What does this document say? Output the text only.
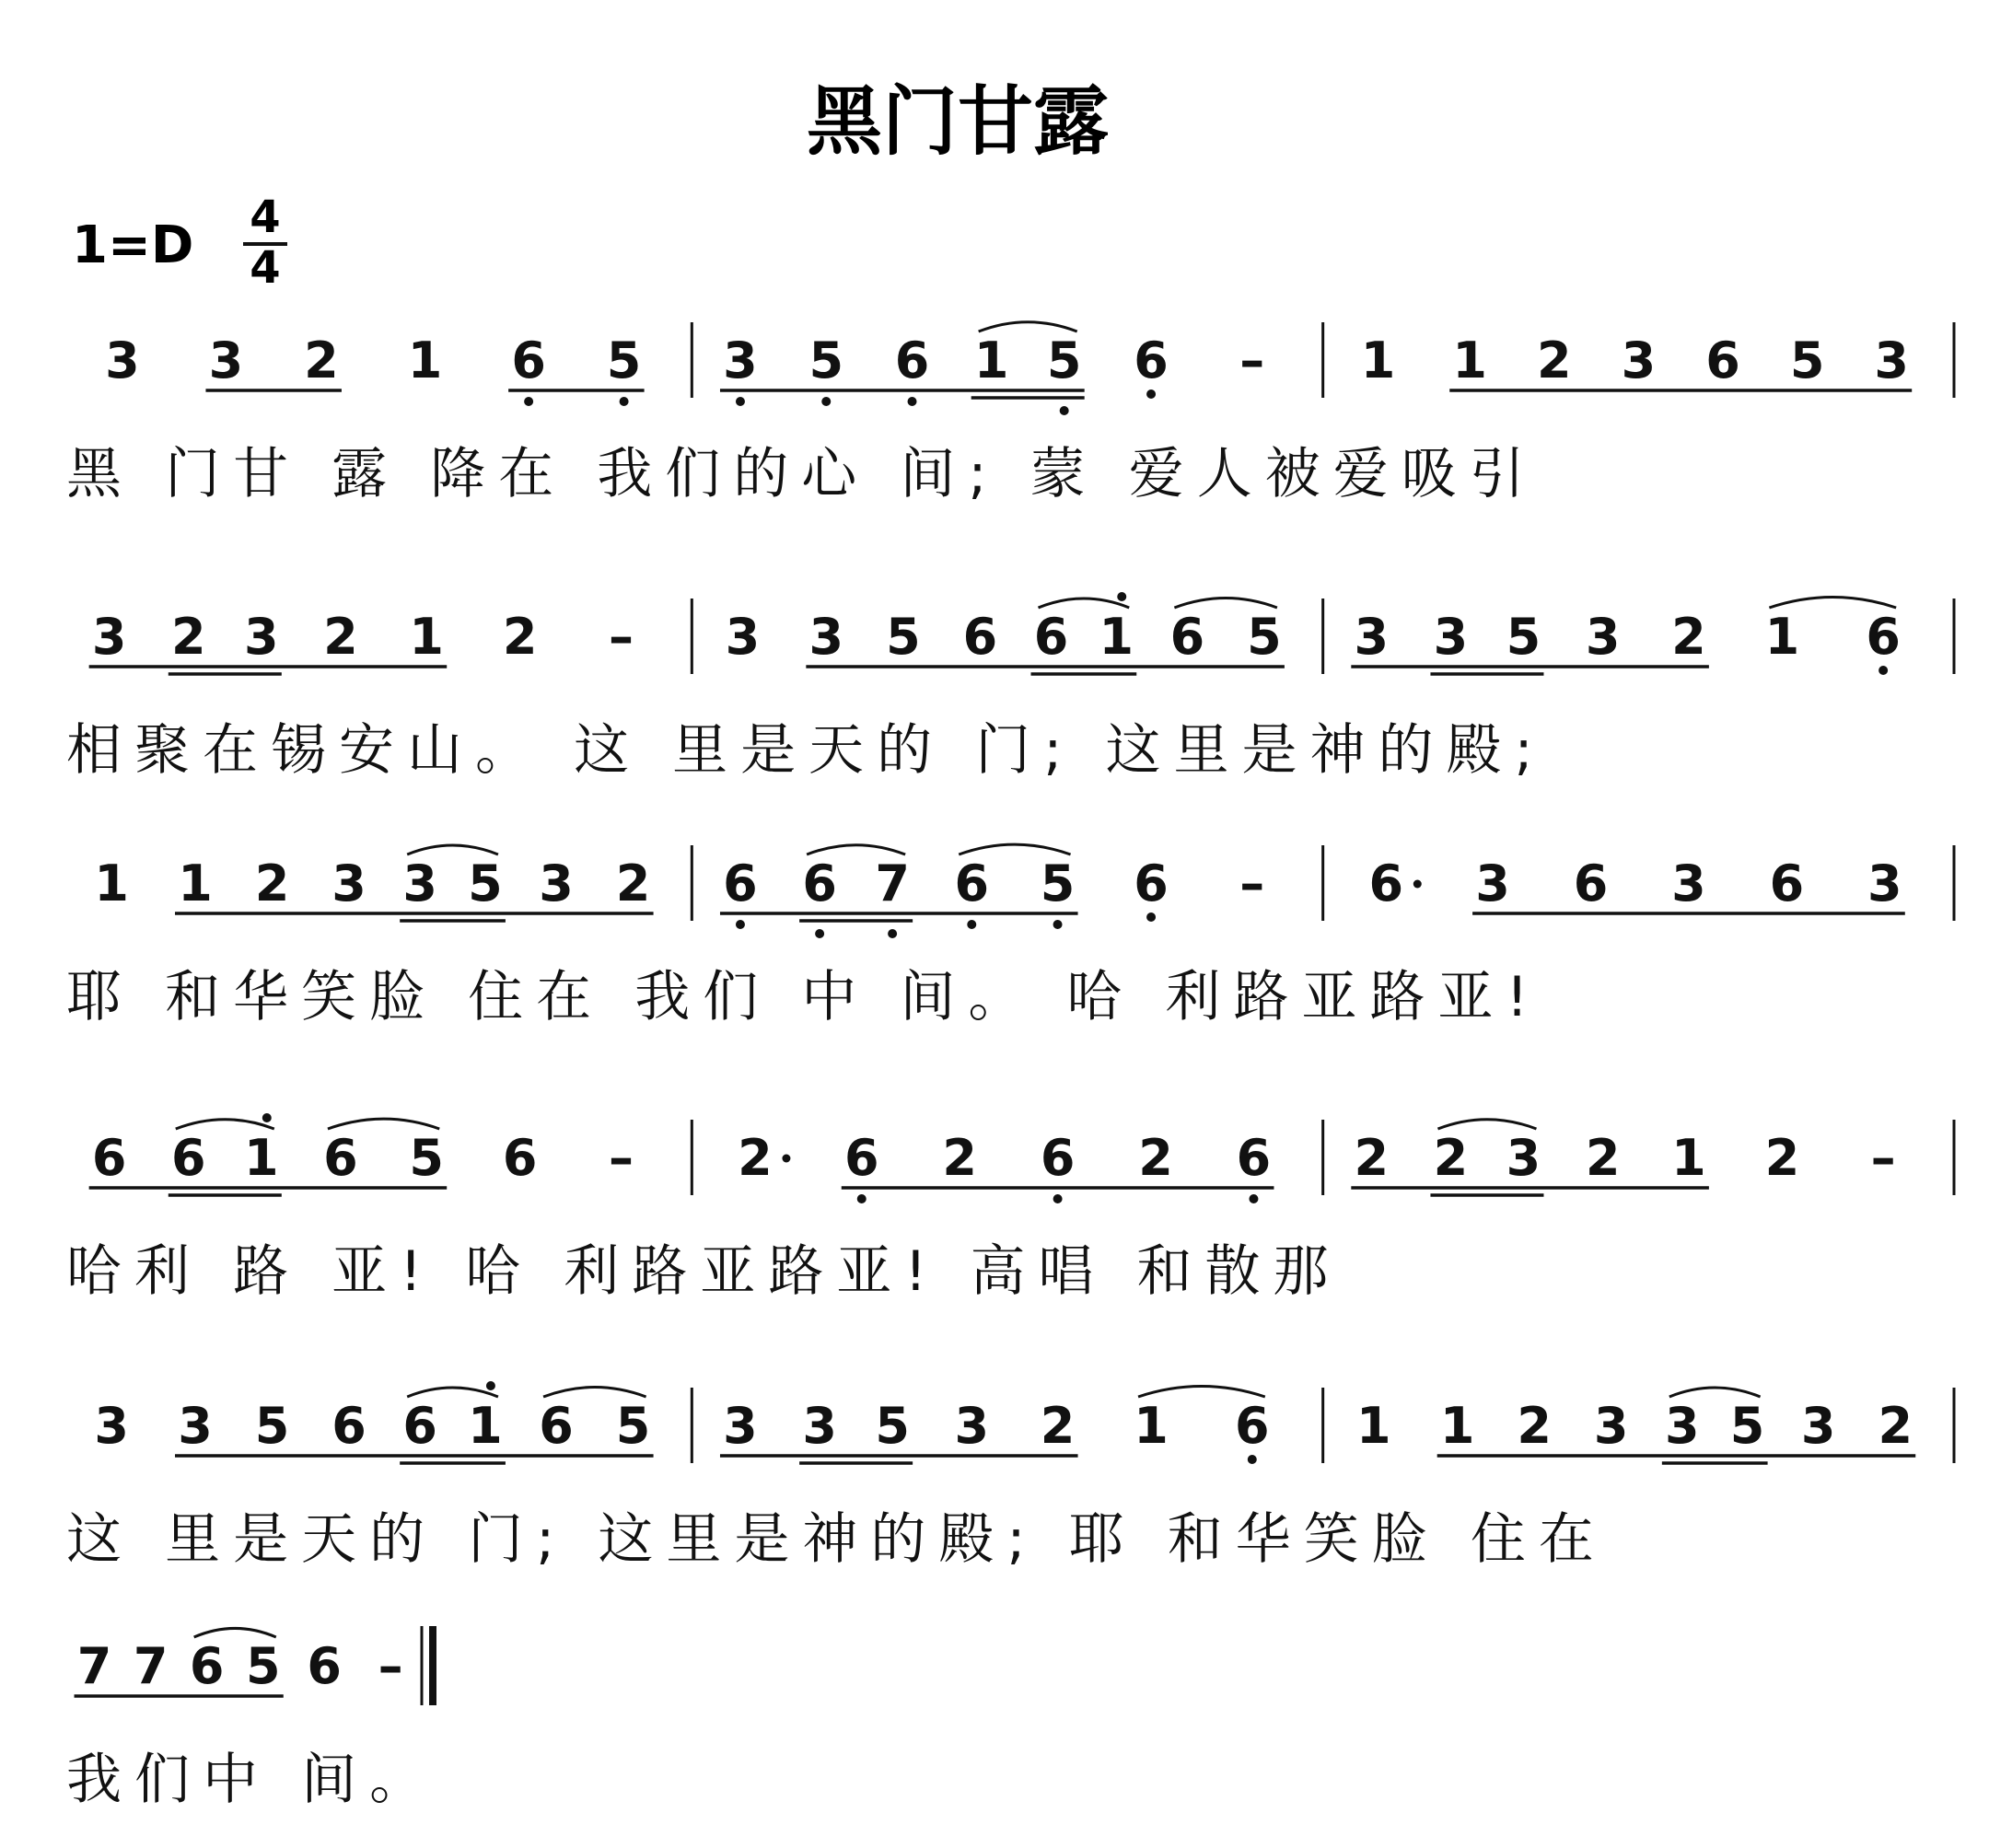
黑门甘露
1=D 4
4
3 3 2 1 6 5 3 5 6 1 5 6 – 1 1 2 3 6 5 3
黑 门甘 露 降在 我们的心 间; 蒙 爱人被爱吸引
3 2 3 2 1 2 – 3 3 5 6 6 1 6 5 3 3 5 3 2 1 6
相聚在锡安山。 这 里是天的 门; 这里是神的殿;
1 1 2 3 3 5 3 2 6 6 7 6 5 6 – 6 3 6 3 6 3
耶 和华笑脸 住在 我们 中 间。 哈 利路亚路亚!
6 6 1 6 5 6 – 2 6 2 6 2 6 2 2 3 2 1 2 –
哈利 路 亚! 哈 利路亚路亚! 高唱 和散那
3 3 5 6 6 1 6 5 3 3 5 3 2 1 6 1 1 2 3 3 5 3 2
这 里是天的 门; 这里是神的殿; 耶 和华笑脸 住在
7 7 6 5 6 –
我们中 间。
